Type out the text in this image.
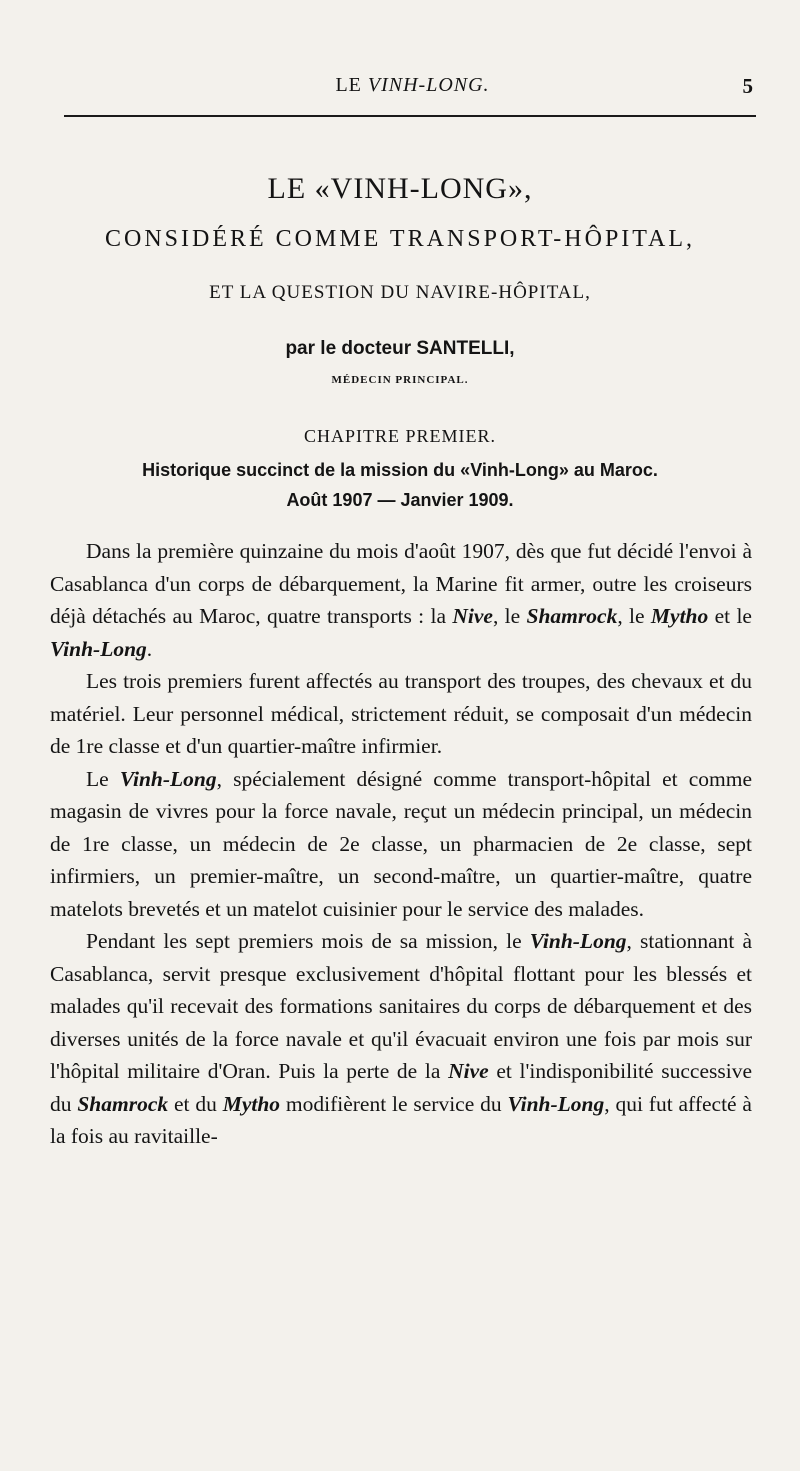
LE VINH-LONG.	5
LE «VINH-LONG»,
CONSIDÉRÉ COMME TRANSPORT-HÔPITAL,
ET LA QUESTION DU NAVIRE-HÔPITAL,
par le docteur SANTELLI,
MÉDECIN PRINCIPAL.
CHAPITRE PREMIER.
Historique succinct de la mission du «Vinh-Long» au Maroc.
Août 1907 — Janvier 1909.

Dans la première quinzaine du mois d'août 1907, dès que fut décidé l'envoi à Casablanca d'un corps de débarquement, la Marine fit armer, outre les croiseurs déjà détachés au Maroc, quatre transports : la Nive, le Shamrock, le Mytho et le Vinh-Long.

Les trois premiers furent affectés au transport des troupes, des chevaux et du matériel. Leur personnel médical, strictement réduit, se composait d'un médecin de 1re classe et d'un quartier-maître infirmier.

Le Vinh-Long, spécialement désigné comme transport-hôpital et comme magasin de vivres pour la force navale, reçut un médecin principal, un médecin de 1re classe, un médecin de 2e classe, un pharmacien de 2e classe, sept infirmiers, un premier-maître, un second-maître, un quartier-maître, quatre matelots brevetés et un matelot cuisinier pour le service des malades.

Pendant les sept premiers mois de sa mission, le Vinh-Long, stationnant à Casablanca, servit presque exclusivement d'hôpital flottant pour les blessés et malades qu'il recevait des formations sanitaires du corps de débarquement et des diverses unités de la force navale et qu'il évacuait environ une fois par mois sur l'hôpital militaire d'Oran. Puis la perte de la Nive et l'indisponibilité successive du Shamrock et du Mytho modifièrent le service du Vinh-Long, qui fut affecté à la fois au ravitaille-
